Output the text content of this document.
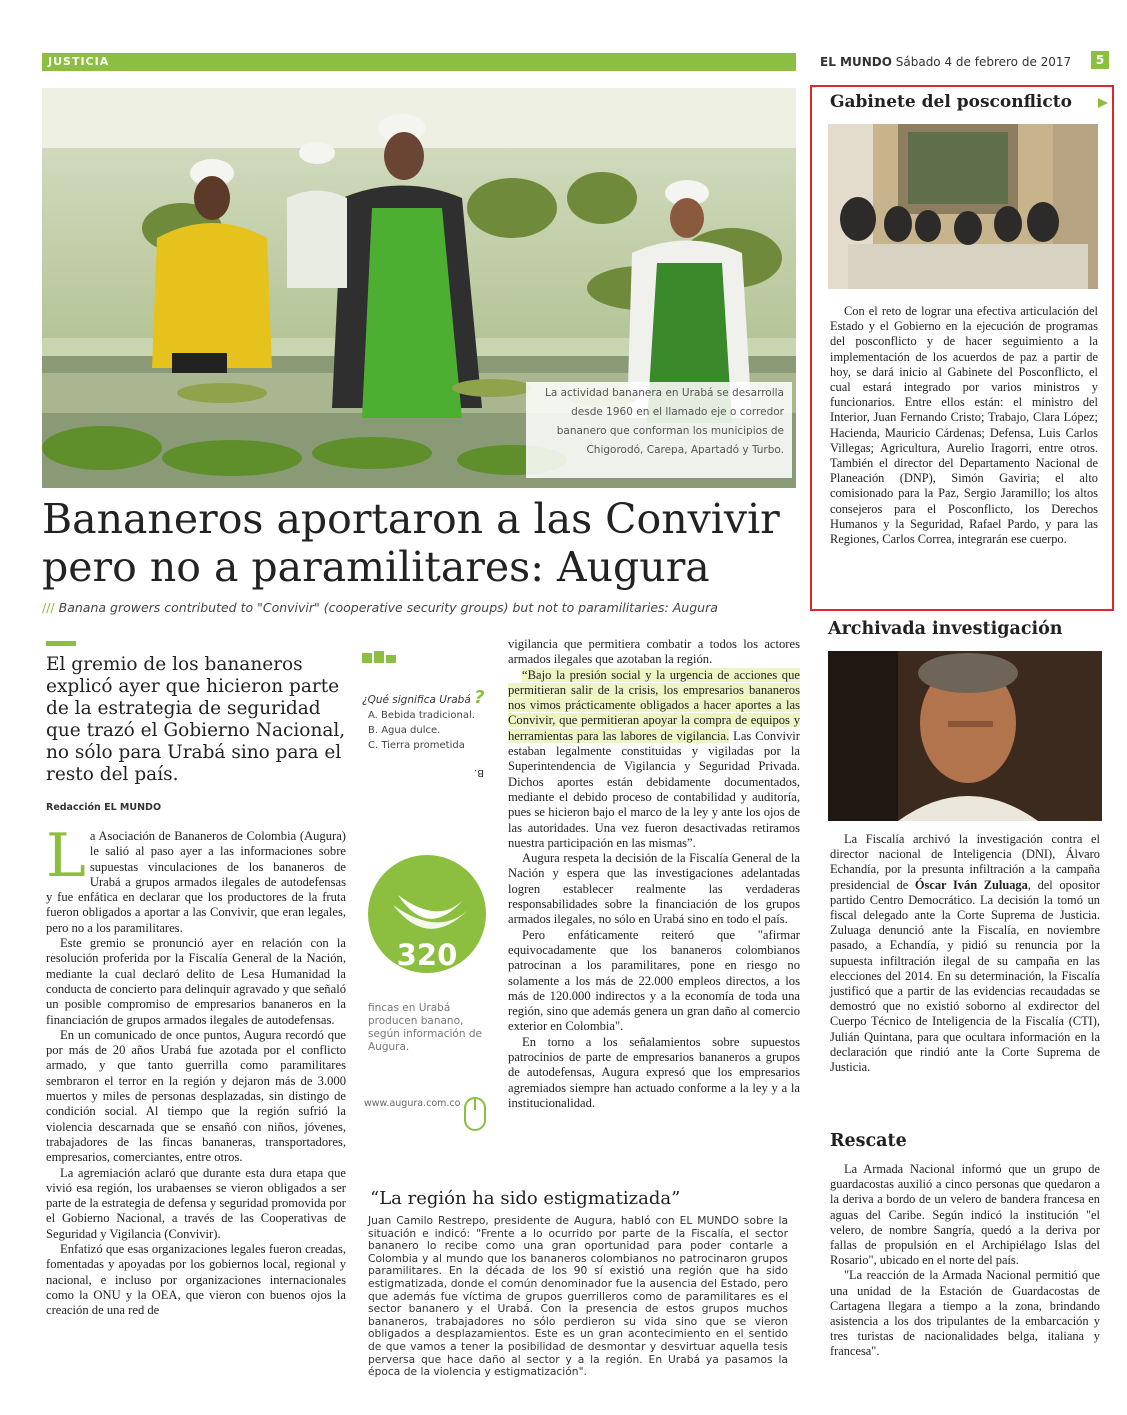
JUSTICIA	EL MUNDO Sábado 4 de febrero de 2017	5
La actividad bananera en Urabá se desarrolla desde 1960 en el llamado eje o corredor bananero que conforman los municipios de Chigorodó, Carepa, Apartadó y Turbo.
Bananeros aportaron a las Convivir pero no a paramilitares: Augura
/// Banana growers contributed to "Convivir" (cooperative security groups) but not to paramilitaries: Augura
El gremio de los bananeros explicó ayer que hicieron parte de la estrategia de seguridad que trazó el Gobierno Nacional, no sólo para Urabá sino para el resto del país.
Redacción EL MUNDO

La Asociación de Bananeros de Colombia (Augura) le salió al paso ayer a las informaciones sobre supuestas vinculaciones de los bananeros de Urabá a grupos armados ilegales de autodefensas y fue enfática en declarar que los productores de la fruta fueron obligados a aportar a las Convivir, que eran legales, pero no a los paramilitares.

Este gremio se pronunció ayer en relación con la resolución proferida por la Fiscalía General de la Nación, mediante la cual declaró delito de Lesa Humanidad la conducta de concierto para delinquir agravado y que señaló un posible compromiso de empresarios bananeros en la financiación de grupos armados ilegales de autodefensas.

En un comunicado de once puntos, Augura recordó que por más de 20 años Urabá fue azotada por el conflicto armado, y que tanto guerrilla como paramilitares sembraron el terror en la región y dejaron más de 3.000 muertos y miles de personas desplazadas, sin distingo de condición social. Al tiempo que la región sufrió la violencia descarnada que se ensañó con niños, jóvenes, trabajadores de las fincas bananeras, transportadores, empresarios, comerciantes, entre otros.

La agremiación aclaró que durante esta dura etapa que vivió esa región, los urabaenses se vieron obligados a ser parte de la estrategia de defensa y seguridad promovida por el Gobierno Nacional, a través de las Cooperativas de Seguridad y Vigilancia (Convivir).

Enfatizó que esas organizaciones legales fueron creadas, fomentadas y apoyadas por los gobiernos local, regional y nacional, e incluso por organizaciones internacionales como la ONU y la OEA, que vieron con buenos ojos la creación de una red de

¿Qué significa Urabá ?
A. Bebida tradicional.
B. Agua dulce.
C. Tierra prometida
B.
320
fincas en Urabá producen banano, según información de Augura.
www.augura.com.co

vigilancia que permitiera combatir a todos los actores armados ilegales que azotaban la región.

“Bajo la presión social y la urgencia de acciones que permitieran salir de la crisis, los empresarios bananeros nos vimos prácticamente obligados a hacer aportes a las Convivir, que permitieran apoyar la compra de equipos y herramientas para las labores de vigilancia. Las Convivir estaban legalmente constituidas y vigiladas por la Superintendencia de Vigilancia y Seguridad Privada. Dichos aportes están debidamente documentados, mediante el debido proceso de contabilidad y auditoría, pues se hicieron bajo el marco de la ley y ante los ojos de las autoridades. Una vez fueron desactivadas retiramos nuestra participación en las mismas”.

Augura respeta la decisión de la Fiscalía General de la Nación y espera que las investigaciones adelantadas logren establecer realmente las verdaderas responsabilidades sobre la financiación de los grupos armados ilegales, no sólo en Urabá sino en todo el país.

Pero enfáticamente reiteró que "afirmar equivocadamente que los bananeros colombianos patrocinan a los paramilitares, pone en riesgo no solamente a los más de 22.000 empleos directos, a los más de 120.000 indirectos y a la economía de toda una región, sino que además genera un gran daño al comercio exterior en Colombia".

En torno a los señalamientos sobre supuestos patrocinios de parte de empresarios bananeros a grupos de autodefensas, Augura expresó que los empresarios agremiados siempre han actuado conforme a la ley y a la institucionalidad.

“La región ha sido estigmatizada”
Juan Camilo Restrepo, presidente de Augura, habló con EL MUNDO sobre la situación e indicó: "Frente a lo ocurrido por parte de la Fiscalía, el sector bananero lo recibe como una gran oportunidad para poder contarle a Colombia y al mundo que los bananeros colombianos no patrocinaron grupos paramilitares. En la década de los 90 sí existió una región que ha sido estigmatizada, donde el común denominador fue la ausencia del Estado, pero que además fue víctima de grupos guerrilleros como de paramilitares es el sector bananero y el Urabá. Con la presencia de estos grupos muchos bananeros, trabajadores no sólo perdieron su vida sino que se vieron obligados a desplazamientos. Este es un gran acontecimiento en el sentido de que vamos a tener la posibilidad de desmontar y desvirtuar aquella tesis perversa que hace daño al sector y a la región. En Urabá ya pasamos la época de la violencia y estigmatización".
Gabinete del posconflicto

Con el reto de lograr una efectiva articulación del Estado y el Gobierno en la ejecución de programas del posconflicto y de hacer seguimiento a la implementación de los acuerdos de paz a partir de hoy, se dará inicio al Gabinete del Posconflicto, el cual estará integrado por varios ministros y funcionarios. Entre ellos están: el ministro del Interior, Juan Fernando Cristo; Trabajo, Clara López; Hacienda, Mauricio Cárdenas; Defensa, Luis Carlos Villegas; Agricultura, Aurelio Iragorri, entre otros. También el director del Departamento Nacional de Planeación (DNP), Simón Gaviria; el alto comisionado para la Paz, Sergio Jaramillo; los altos consejeros para el Posconflicto, los Derechos Humanos y la Seguridad, Rafael Pardo, y para las Regiones, Carlos Correa, integrarán ese cuerpo.

Archivada investigación

La Fiscalía archivó la investigación contra el director nacional de Inteligencia (DNI), Álvaro Echandía, por la presunta infiltración a la campaña presidencial de Óscar Iván Zuluaga, del opositor partido Centro Democrático. La decisión la tomó un fiscal delegado ante la Corte Suprema de Justicia. Zuluaga denunció ante la Fiscalía, en noviembre pasado, a Echandía, y pidió su renuncia por la supuesta infiltración ilegal de su campaña en las elecciones del 2014. En su determinación, la Fiscalía justificó que a partir de las evidencias recaudadas se demostró que no existió soborno al exdirector del Cuerpo Técnico de Inteligencia de la Fiscalía (CTI), Julián Quintana, para que ocultara información en la declaración que rindió ante la Corte Suprema de Justicia.

Rescate

La Armada Nacional informó que un grupo de guardacostas auxilió a cinco personas que quedaron a la deriva a bordo de un velero de bandera francesa en aguas del Caribe. Según indicó la institución "el velero, de nombre Sangría, quedó a la deriva por fallas de propulsión en el Archipiélago Islas del Rosario", ubicado en el norte del país.

"La reacción de la Armada Nacional permitió que una unidad de la Estación de Guardacostas de Cartagena llegara a tiempo a la zona, brindando asistencia a los dos tripulantes de la embarcación y tres turistas de nacionalidades belga, italiana y francesa".
